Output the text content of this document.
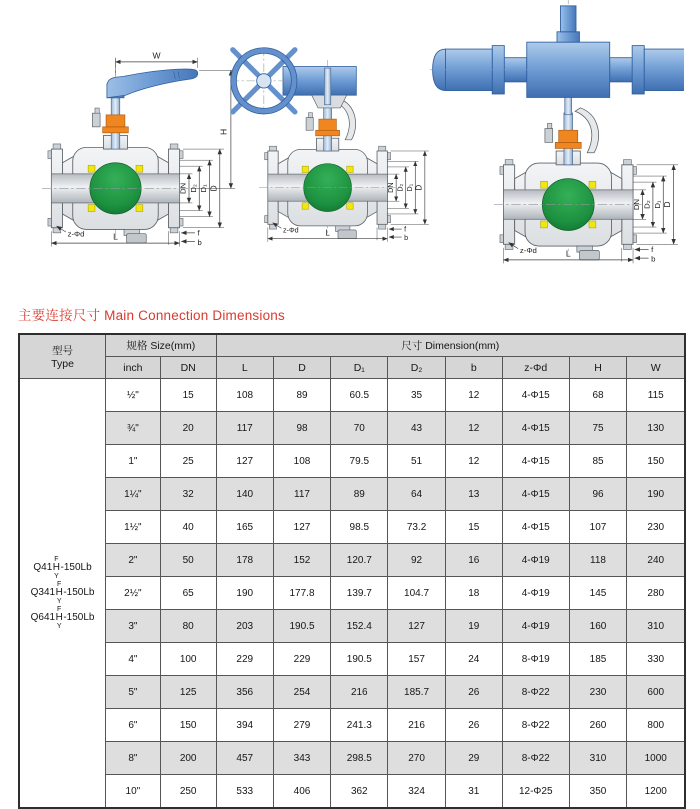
W
H
DN D₂ D₁ D
z-Φd	L	f
b
DN D₂ D₁ D
z-Φd	L	f
b
DN D₂ D₁ D
z-Φd	L	f
b
主要连接尺寸 Main Connection Dimensions
型号
Type	规格 Size(mm)		尺寸 Dimension(mm)							
	inch	DN	L	D	D₁	D₂	b	z-Φd	H	W

Q41
F
H
Y
-150Lb
Q341
F
H
Y
-150Lb
Q641
F
H
Y
-150Lb
	½"	15	108	89	60.5	35	12	4-Φ15	68	115
	¾"	20	117	98	70	43	12	4-Φ15	75	130
	1"	25	127	108	79.5	51	12	4-Φ15	85	150
	1¼"	32	140	117	89	64	13	4-Φ15	96	190
	1½"	40	165	127	98.5	73.2	15	4-Φ15	107	230
	2"	50	178	152	120.7	92	16	4-Φ19	118	240
	2½"	65	190	177.8	139.7	104.7	18	4-Φ19	145	280
	3"	80	203	190.5	152.4	127	19	4-Φ19	160	310
	4"	100	229	229	190.5	157	24	8-Φ19	185	330
	5"	125	356	254	216	185.7	26	8-Φ22	230	600
	6"	150	394	279	241.3	216	26	8-Φ22	260	800
	8"	200	457	343	298.5	270	29	8-Φ22	310	1000
	10"	250	533	406	362	324	31	12-Φ25	350	1200
